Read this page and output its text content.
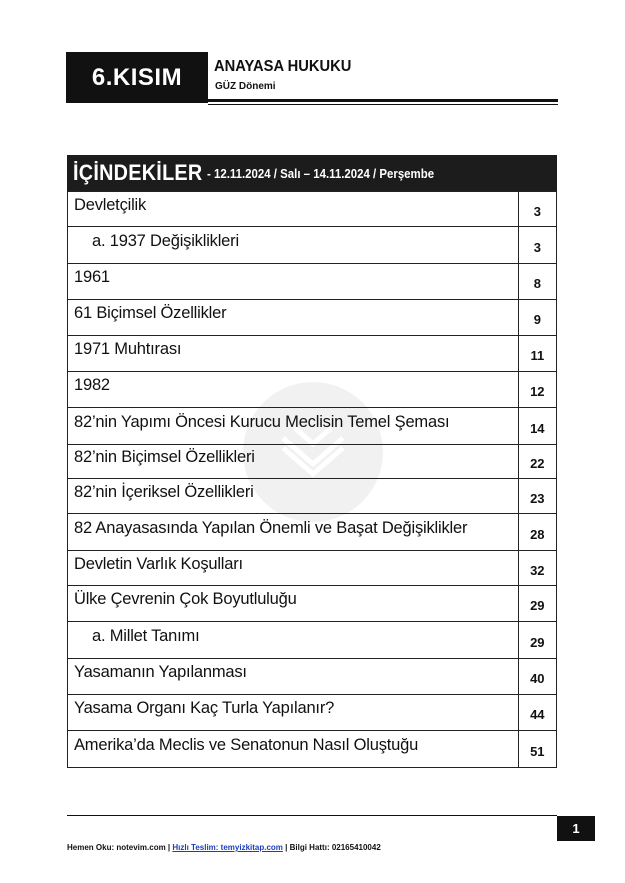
6.KISIM ANAYASA HUKUKU
GÜZ Dönemi
İÇİNDEKİLER - 12.11.2024 / Salı – 14.11.2024 / Perşembe
Devletçilik	3
a. 1937 Değişiklikleri	3
1961	8
61 Biçimsel Özellikler	9
1971 Muhtırası	11
1982	12
82’nin Yapımı Öncesi Kurucu Meclisin Temel Şeması	14
82’nin Biçimsel Özellikleri	22
82’nin İçeriksel Özellikleri	23
82 Anayasasında Yapılan Önemli ve Başat Değişiklikler	28
Devletin Varlık Koşulları	32
Ülke Çevrenin Çok Boyutluluğu	29
a. Millet Tanımı	29
Yasamanın Yapılanması	40
Yasama Organı Kaç Turla Yapılanır?	44
Amerika’da Meclis ve Senatonun Nasıl Oluştuğu	51
1
Hemen Oku: notevim.com | Hızlı Teslim: temyizkitap.com | Bilgi Hattı: 02165410042
